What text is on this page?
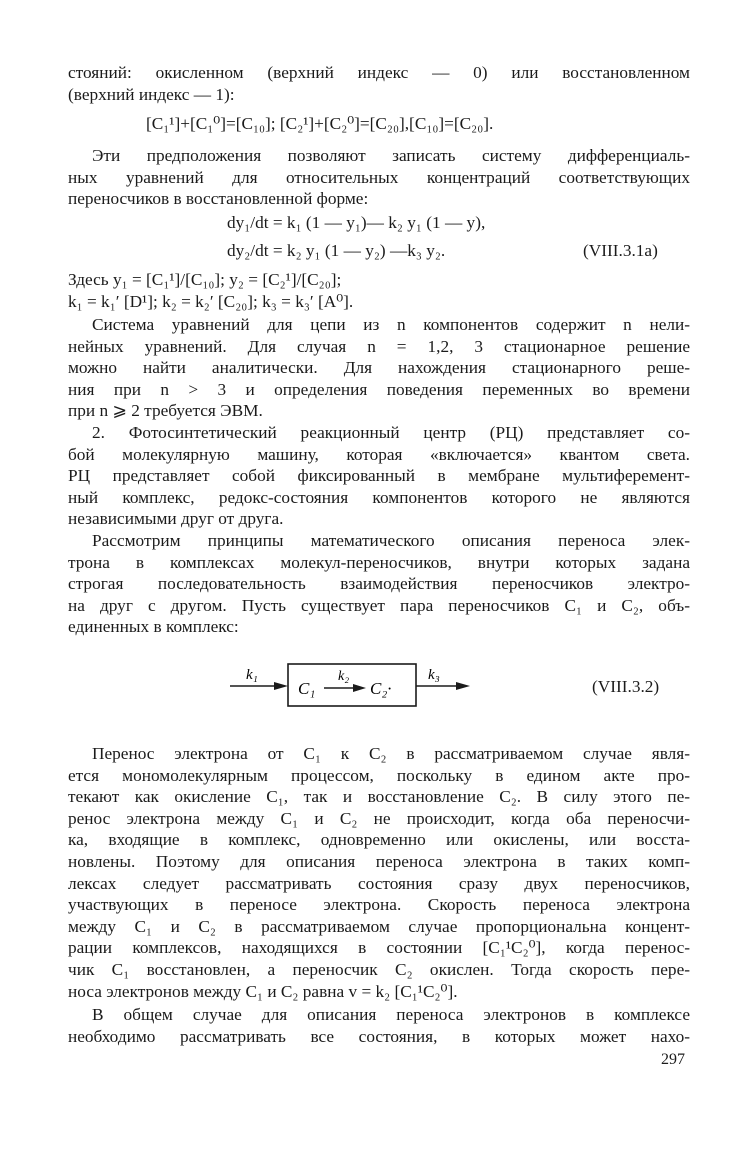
стояний: окисленном (верхний индекс — 0) или восстановленном
(верхний индекс — 1):

[C₁¹]+[C₁⁰]=[C₁₀]; [C₂¹]+[C₂⁰]=[C₂₀],[C₁₀]=[C₂₀].

Эти предположения позволяют записать систему дифференциаль-
ных уравнений для относительных концентраций соответствующих
переносчиков в восстановленной форме:

dy₁/dt = k₁ (1 — y₁)— k₂ y₁ (1 — y),
dy₂/dt = k₂ y₁ (1 — y₂) —k₃ y₂.	(VIII.3.1a)
Здесь y₁ = [C₁¹]/[C₁₀]; y₂ = [C₂¹]/[C₂₀];
k₁ = k₁′ [D¹]; k₂ = k₂′ [C₂₀]; k₃ = k₃′ [A⁰].

Система уравнений для цепи из n компонентов содержит n нели-
нейных уравнений. Для случая n = 1,2, 3 стационарное решение
можно найти аналитически. Для нахождения стационарного реше-
ния при n > 3 и определения поведения переменных во времени
при n ⩾ 2 требуется ЭВМ.

2. Фотосинтетический реакционный центр (РЦ) представляет со-
бой молекулярную машину, которая «включается» квантом света.
РЦ представляет собой фиксированный в мембране мультиферемент-
ный комплекс, редокс-состояния компонентов которого не являются
независимыми друг от друга.

Рассмотрим принципы математического описания переноса элек-
трона в комплексах молекул-переносчиков, внутри которых задана
строгая последовательность взаимодействия переносчиков электро-
на друг с другом. Пусть существует пара переносчиков C₁ и C₂, объ-
единенных в комплекс:

k₁
C₁
k₂
C₂·
k₃
(VIII.3.2)

Перенос электрона от C₁ к C₂ в рассматриваемом случае явля-
ется мономолекулярным процессом, поскольку в едином акте про-
текают как окисление C₁, так и восстановление C₂. В силу этого пе-
ренос электрона между C₁ и C₂ не происходит, когда оба переносчи-
ка, входящие в комплекс, одновременно или окислены, или восста-
новлены. Поэтому для описания переноса электрона в таких комп-
лексах следует рассматривать состояния сразу двух переносчиков,
участвующих в переносе электрона. Скорость переноса электрона
между C₁ и C₂ в рассматриваемом случае пропорциональна концент-
рации комплексов, находящихся в состоянии [C₁¹C₂⁰], когда перенос-
чик C₁ восстановлен, а переносчик C₂ окислен. Тогда скорость пере-
носа электронов между C₁ и C₂ равна v = k₂ [C₁¹C₂⁰].

В общем случае для описания переноса электронов в комплексе
необходимо рассматривать все состояния, в которых может нахо-

297
